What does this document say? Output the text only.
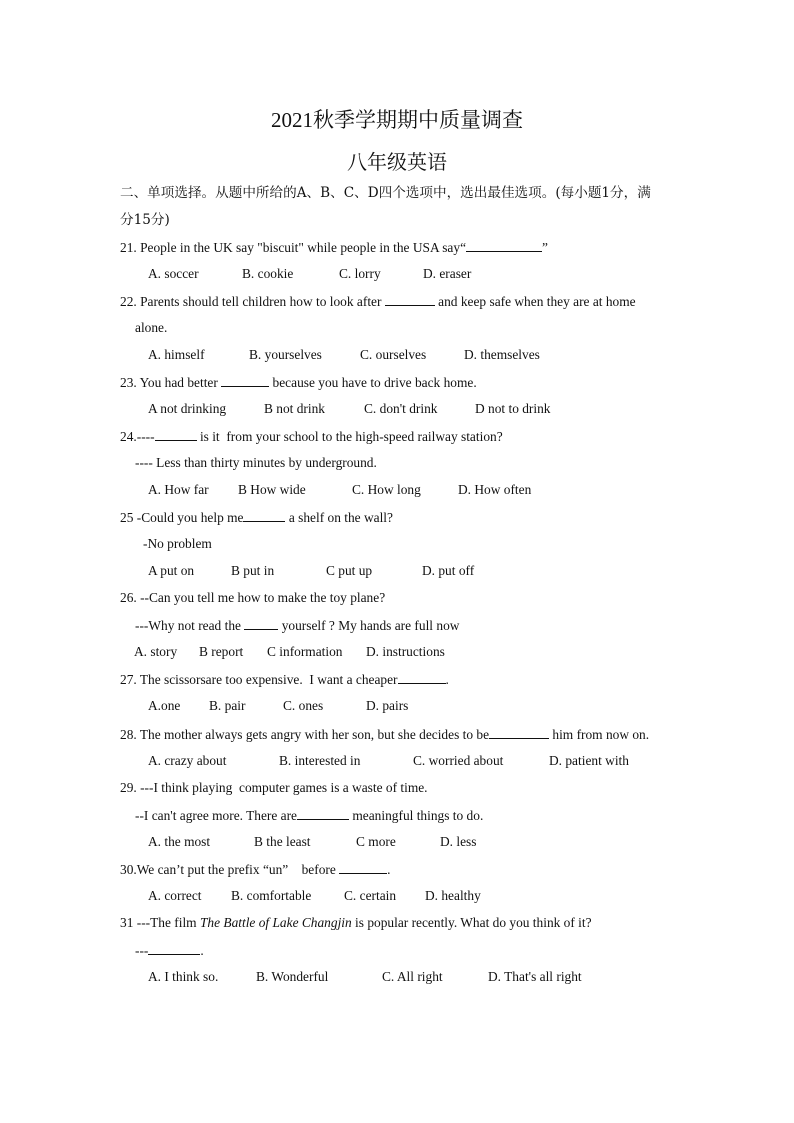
2021秋季学期期中质量调查
八年级英语
二、单项选择。从题中所给的A、B、C、D四个选项中，选出最佳选项。(每小题1分，满
分15分)
21. People in the UK say "biscuit" while people in the USA say“	”

A. soccer

	B. cookie

	C. lorry

	D. eraser

22. Parents should tell children how to look after	and keep safe when they are at home
alone.

A. himself

	B. yourselves

	C. ourselves

	D. themselves

23. You had better	because you have to drive back home.

A not drinking

	B not drink

	C. don't drink

	D not to drink

24.----	is it  from your school to the high-speed railway station?
---- Less than thirty minutes by underground.

A. How far

B How wide

	C. How long

	D. How often

25 -Could you help me	a shelf on the wall?
-No problem

A put on

	B put in

	C put up

	D. put off

26. --Can you tell me how to make the toy plane?
---Why not read the	yourself ? My hands are full now

A. story

B report

C information

D. instructions

27. The scissorsare too expensive.  I want a cheaper	.

A.one

B. pair

	C. ones

	D. pairs

28. The mother always gets angry with her son, but she decides to be	him from now on.

A. crazy about

	B. interested in

	C. worried about

	D. patient with

29. ---I think playing  computer games is a waste of time.
--I can't agree more. There are	meaningful things to do.

A. the most

	B the least

	C more

	D. less

30.We can’t put the prefix “un”    before	.

A. correct

B. comfortable

C. certain

D. healthy

31 ---The film The Battle of Lake Changjin is popular recently. What do you think of it?
---	.

A. I think so.

	B. Wonderful

	C. All right

	D. That's all right
